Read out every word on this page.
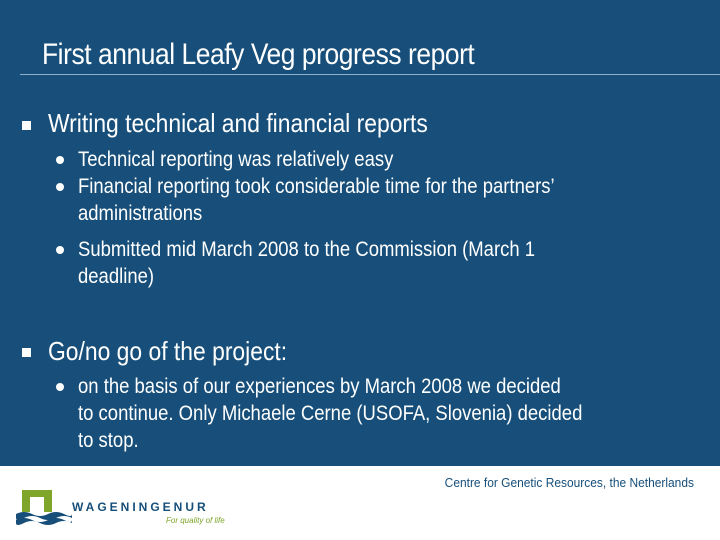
First annual Leafy Veg progress report
Writing technical and financial reports
Technical reporting was relatively easy
Financial reporting took considerable time for the partners’
administrations
Submitted mid March 2008 to the Commission (March 1
deadline)
Go/no go of the project:
on the basis of our experiences by March 2008 we decided
to continue. Only Michaele Cerne (USOFA, Slovenia) decided
to stop.
Centre for Genetic Resources, the Netherlands
WAGENINGENUR
For quality of life
